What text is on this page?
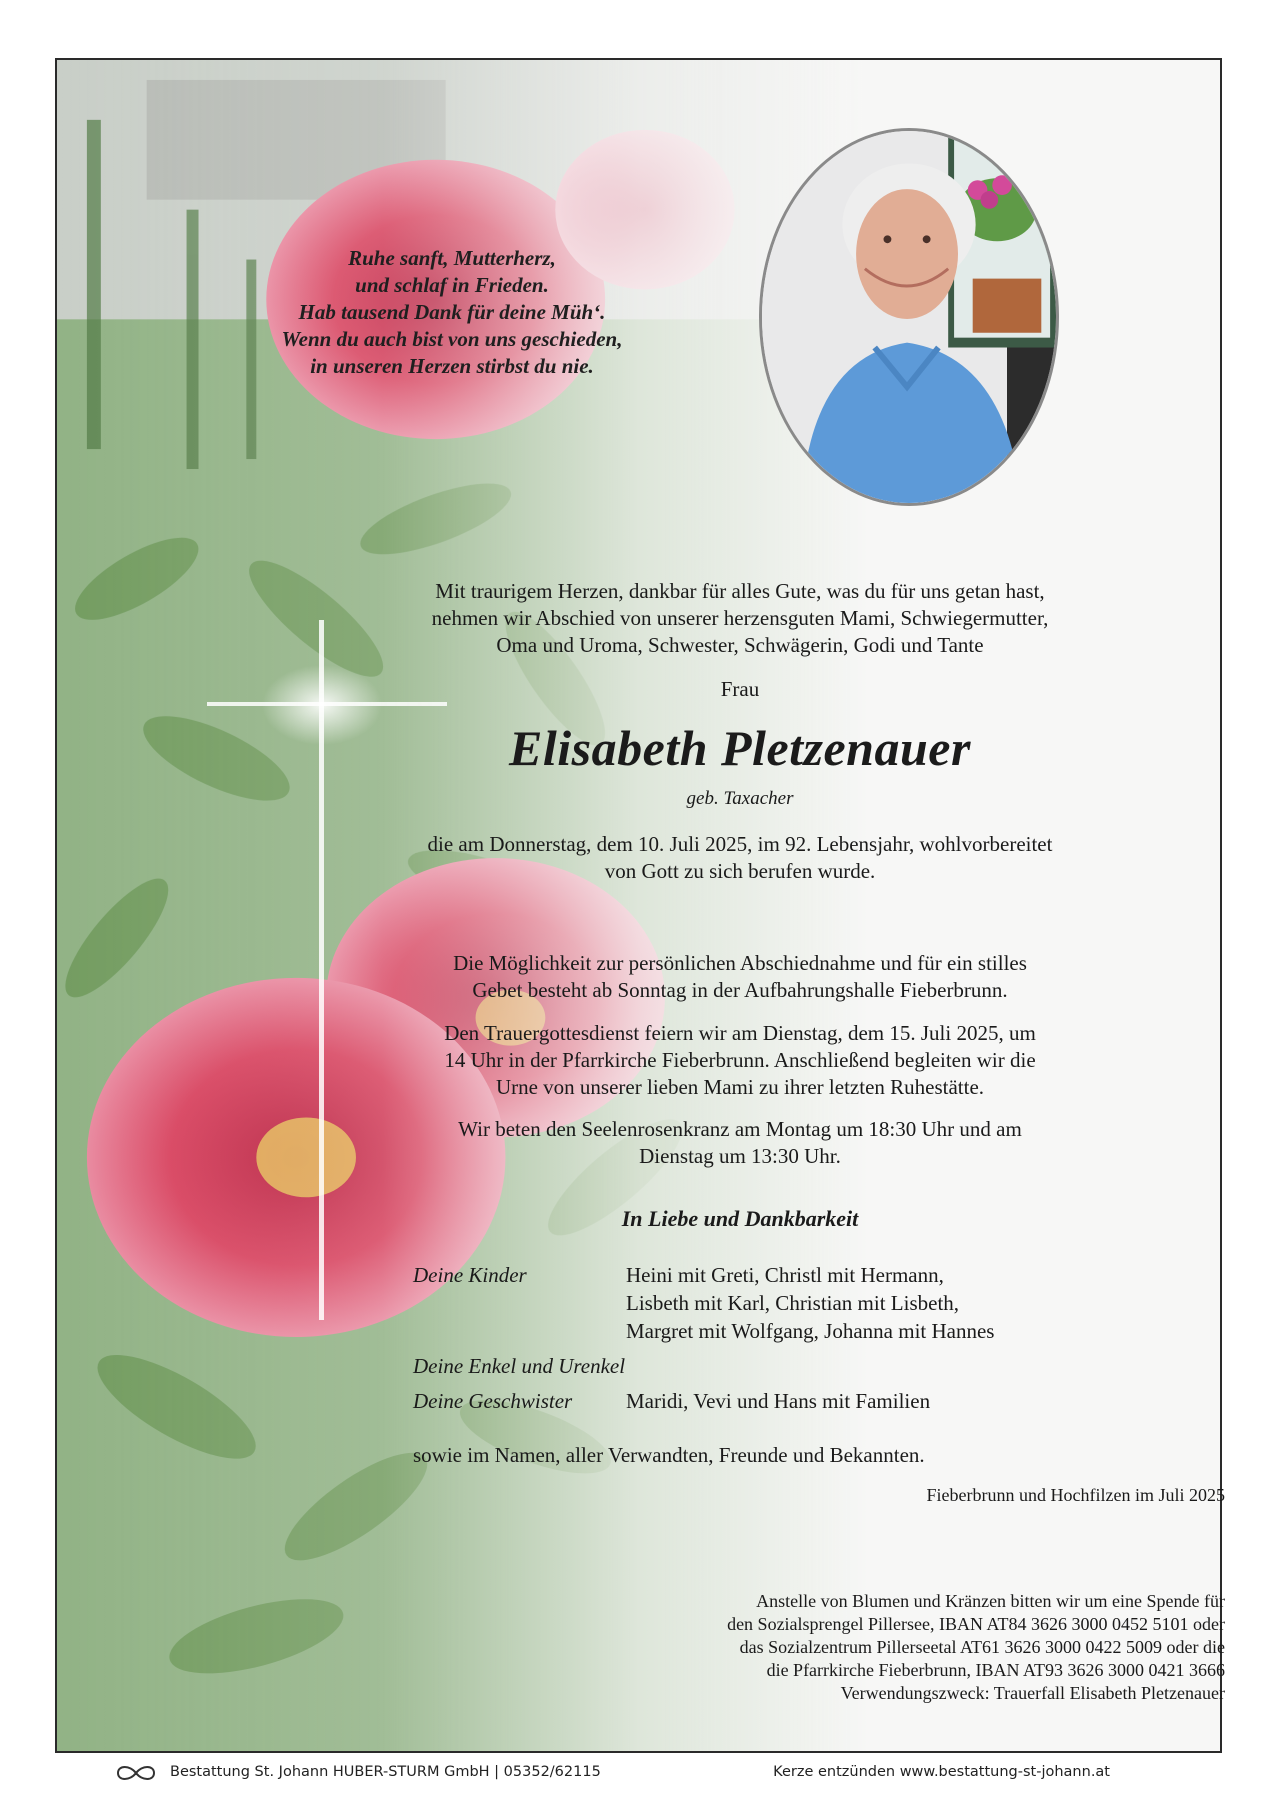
Ruhe sanft, Mutterherz,
und schlaf in Frieden.
Hab tausend Dank für deine Müh‘.
Wenn du auch bist von uns geschieden,
in unseren Herzen stirbst du nie.
Mit traurigem Herzen, dankbar für alles Gute, was du für uns getan hast,
nehmen wir Abschied von unserer herzensguten Mami, Schwiegermutter,
Oma und Uroma, Schwester, Schwägerin, Godi und Tante
Frau
Elisabeth Pletzenauer
geb. Taxacher
die am Donnerstag, dem 10. Juli 2025, im 92. Lebensjahr, wohlvorbereitet
von Gott zu sich berufen wurde.
Die Möglichkeit zur persönlichen Abschiednahme und für ein stilles
Gebet besteht ab Sonntag in der Aufbahrungshalle Fieberbrunn.
Den Trauergottesdienst feiern wir am Dienstag, dem 15. Juli 2025, um
14 Uhr in der Pfarrkirche Fieberbrunn. Anschließend begleiten wir die
Urne von unserer lieben Mami zu ihrer letzten Ruhestätte.
Wir beten den Seelenrosenkranz am Montag um 18:30 Uhr und am
Dienstag um 13:30 Uhr.
In Liebe und Dankbarkeit
Deine Kinder	Heini mit Greti, Christl mit Hermann,
Lisbeth mit Karl, Christian mit Lisbeth,
Margret mit Wolfgang, Johanna mit Hannes
Deine Enkel und Urenkel
Deine Geschwister	Maridi, Vevi und Hans mit Familien
sowie im Namen, aller Verwandten, Freunde und Bekannten.
Fieberbrunn und Hochfilzen im Juli 2025
Anstelle von Blumen und Kränzen bitten wir um eine Spende für
den Sozialsprengel Pillersee, IBAN AT84 3626 3000 0452 5101 oder
das Sozialzentrum Pillerseetal AT61 3626 3000 0422 5009 oder die
die Pfarrkirche Fieberbrunn, IBAN AT93 3626 3000 0421 3666
Verwendungszweck: Trauerfall Elisabeth Pletzenauer
Bestattung St. Johann HUBER-STURM GmbH | 05352/62115	Kerze entzünden www.bestattung-st-johann.at
